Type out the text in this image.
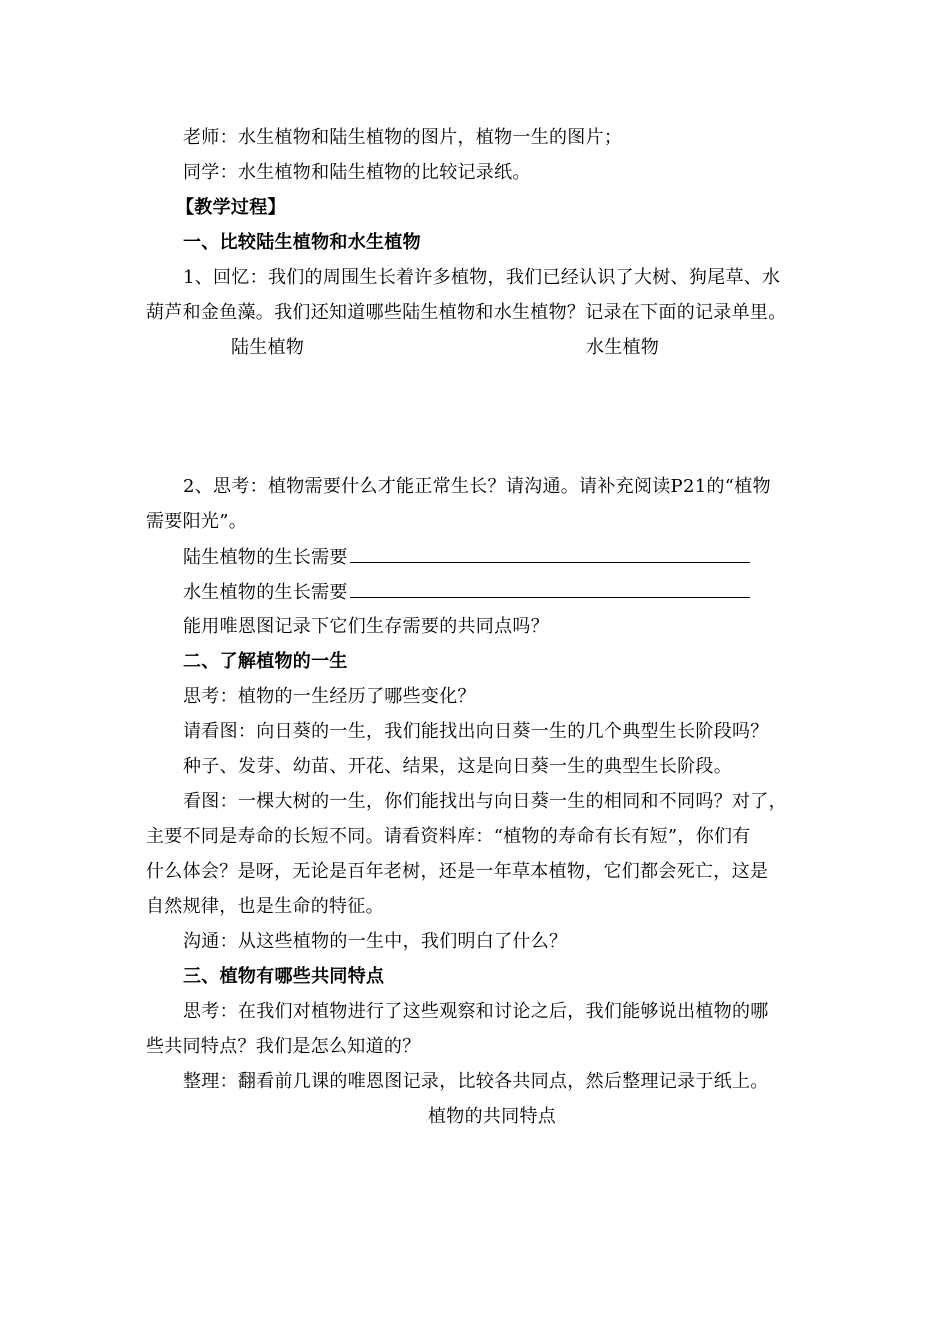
老师：水生植物和陆生植物的图片，植物一生的图片；
同学：水生植物和陆生植物的比较记录纸。
【教学过程】
一、比较陆生植物和水生植物
1、回忆：我们的周围生长着许多植物，我们已经认识了大树、狗尾草、水
葫芦和金鱼藻。我们还知道哪些陆生植物和水生植物？记录在下面的记录单里。
陆生植物	水生植物
2、思考：植物需要什么才能正常生长？请沟通。请补充阅读P21的“植物
需要阳光”。
陆生植物的生长需要
水生植物的生长需要
能用唯恩图记录下它们生存需要的共同点吗？
二、了解植物的一生
思考：植物的一生经历了哪些变化？
请看图：向日葵的一生，我们能找出向日葵一生的几个典型生长阶段吗？
种子、发芽、幼苗、开花、结果，这是向日葵一生的典型生长阶段。
看图：一棵大树的一生，你们能找出与向日葵一生的相同和不同吗？对了，
主要不同是寿命的长短不同。请看资料库：“植物的寿命有长有短”，你们有
什么体会？是呀，无论是百年老树，还是一年草本植物，它们都会死亡，这是
自然规律，也是生命的特征。
沟通：从这些植物的一生中，我们明白了什么？
三、植物有哪些共同特点
思考：在我们对植物进行了这些观察和讨论之后，我们能够说出植物的哪
些共同特点？我们是怎么知道的？
整理：翻看前几课的唯恩图记录，比较各共同点，然后整理记录于纸上。
植物的共同特点
